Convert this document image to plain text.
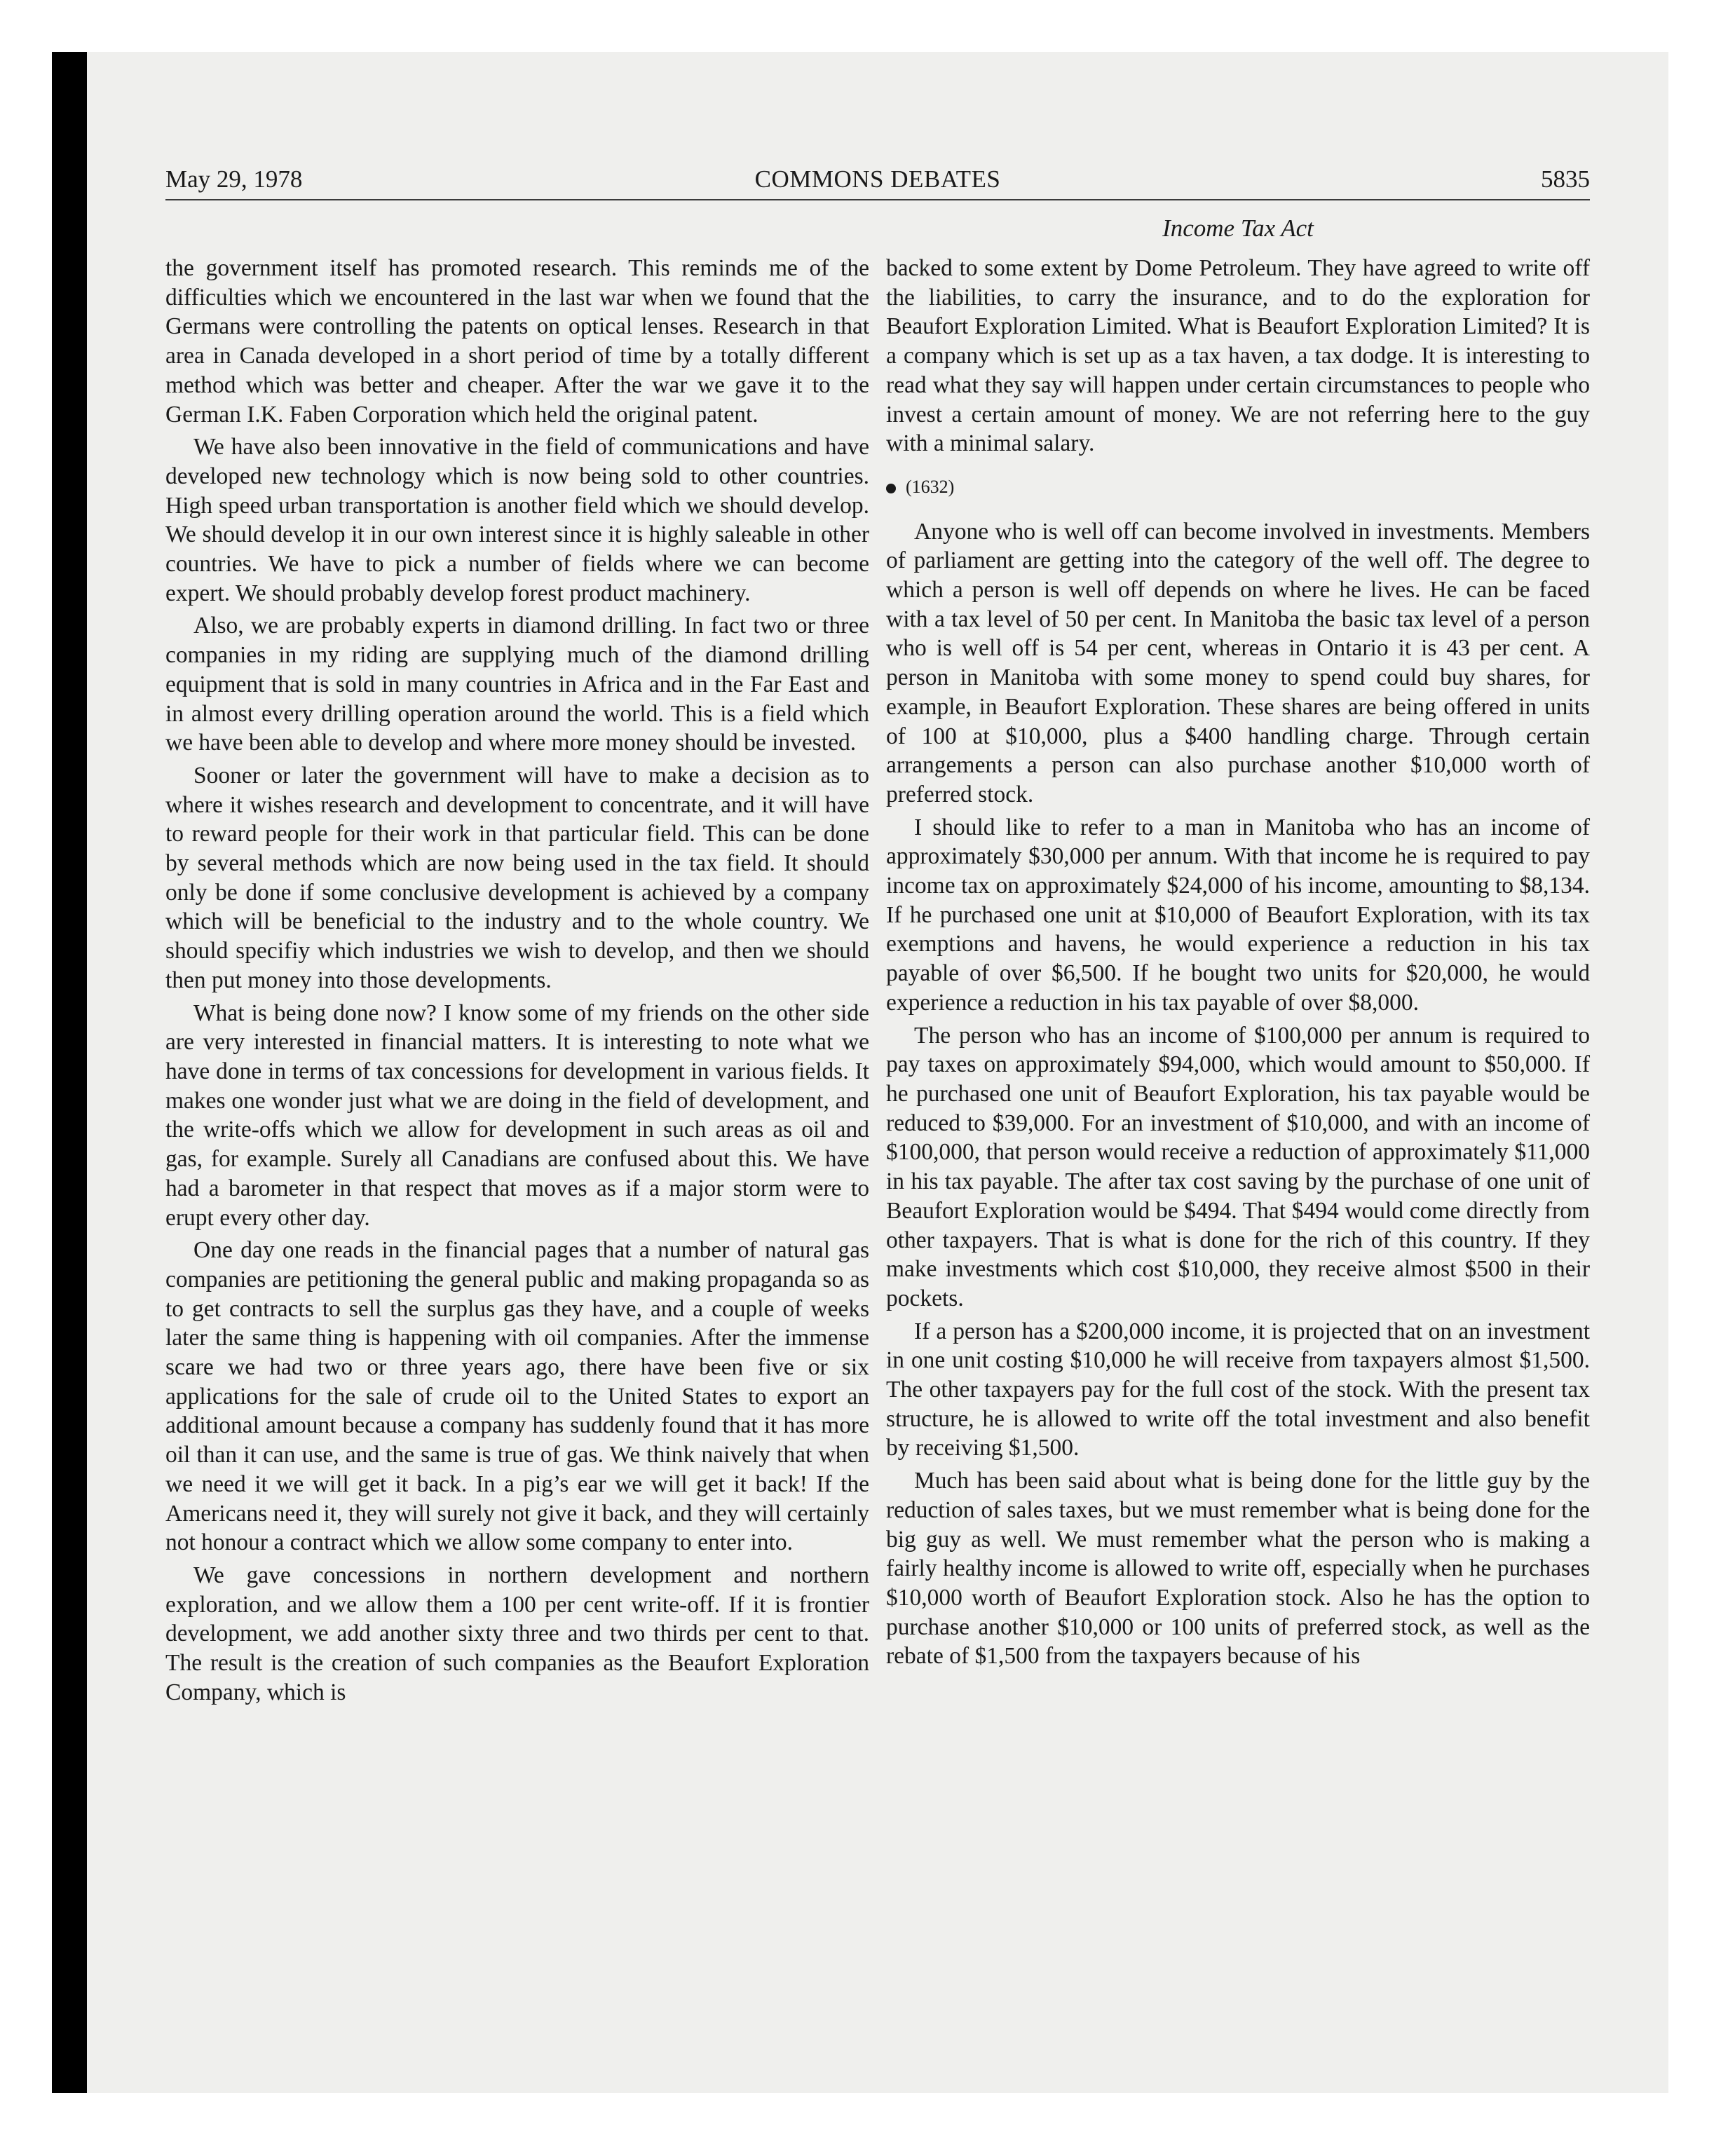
May 29, 1978	COMMONS DEBATES	5835
Income Tax Act

the government itself has promoted research. This reminds me of the difficulties which we encountered in the last war when we found that the Germans were controlling the patents on optical lenses. Research in that area in Canada developed in a short period of time by a totally different method which was better and cheaper. After the war we gave it to the German I.K. Faben Corporation which held the original patent.

We have also been innovative in the field of communications and have developed new technology which is now being sold to other countries. High speed urban transportation is another field which we should develop. We should develop it in our own interest since it is highly saleable in other countries. We have to pick a number of fields where we can become expert. We should probably develop forest product machinery.

Also, we are probably experts in diamond drilling. In fact two or three companies in my riding are supplying much of the diamond drilling equipment that is sold in many countries in Africa and in the Far East and in almost every drilling operation around the world. This is a field which we have been able to develop and where more money should be invested.

Sooner or later the government will have to make a decision as to where it wishes research and development to concentrate, and it will have to reward people for their work in that particular field. This can be done by several methods which are now being used in the tax field. It should only be done if some conclusive development is achieved by a company which will be beneficial to the industry and to the whole country. We should specifiy which industries we wish to develop, and then we should then put money into those developments.

What is being done now? I know some of my friends on the other side are very interested in financial matters. It is interesting to note what we have done in terms of tax concessions for development in various fields. It makes one wonder just what we are doing in the field of development, and the write-offs which we allow for development in such areas as oil and gas, for example. Surely all Canadians are confused about this. We have had a barometer in that respect that moves as if a major storm were to erupt every other day.

One day one reads in the financial pages that a number of natural gas companies are petitioning the general public and making propaganda so as to get contracts to sell the surplus gas they have, and a couple of weeks later the same thing is happening with oil companies. After the immense scare we had two or three years ago, there have been five or six applications for the sale of crude oil to the United States to export an additional amount because a company has suddenly found that it has more oil than it can use, and the same is true of gas. We think naively that when we need it we will get it back. In a pig’s ear we will get it back! If the Americans need it, they will surely not give it back, and they will certainly not honour a contract which we allow some company to enter into.

We gave concessions in northern development and northern exploration, and we allow them a 100 per cent write-off. If it is frontier development, we add another sixty three and two thirds per cent to that. The result is the creation of such companies as the Beaufort Exploration Company, which is

backed to some extent by Dome Petroleum. They have agreed to write off the liabilities, to carry the insurance, and to do the exploration for Beaufort Exploration Limited. What is Beaufort Exploration Limited? It is a company which is set up as a tax haven, a tax dodge. It is interesting to read what they say will happen under certain circumstances to people who invest a certain amount of money. We are not referring here to the guy with a minimal salary.

(1632)

Anyone who is well off can become involved in investments. Members of parliament are getting into the category of the well off. The degree to which a person is well off depends on where he lives. He can be faced with a tax level of 50 per cent. In Manitoba the basic tax level of a person who is well off is 54 per cent, whereas in Ontario it is 43 per cent. A person in Manitoba with some money to spend could buy shares, for example, in Beaufort Exploration. These shares are being offered in units of 100 at $10,000, plus a $400 handling charge. Through certain arrangements a person can also purchase another $10,000 worth of preferred stock.

I should like to refer to a man in Manitoba who has an income of approximately $30,000 per annum. With that income he is required to pay income tax on approximately $24,000 of his income, amounting to $8,134. If he purchased one unit at $10,000 of Beaufort Exploration, with its tax exemptions and havens, he would experience a reduction in his tax payable of over $6,500. If he bought two units for $20,000, he would experience a reduction in his tax payable of over $8,000.

The person who has an income of $100,000 per annum is required to pay taxes on approximately $94,000, which would amount to $50,000. If he purchased one unit of Beaufort Exploration, his tax payable would be reduced to $39,000. For an investment of $10,000, and with an income of $100,000, that person would receive a reduction of approximately $11,000 in his tax payable. The after tax cost saving by the purchase of one unit of Beaufort Exploration would be $494. That $494 would come directly from other taxpayers. That is what is done for the rich of this country. If they make investments which cost $10,000, they receive almost $500 in their pockets.

If a person has a $200,000 income, it is projected that on an investment in one unit costing $10,000 he will receive from taxpayers almost $1,500. The other taxpayers pay for the full cost of the stock. With the present tax structure, he is allowed to write off the total investment and also benefit by receiving $1,500.

Much has been said about what is being done for the little guy by the reduction of sales taxes, but we must remember what is being done for the big guy as well. We must remember what the person who is making a fairly healthy income is allowed to write off, especially when he purchases $10,000 worth of Beaufort Exploration stock. Also he has the option to purchase another $10,000 or 100 units of preferred stock, as well as the rebate of $1,500 from the taxpayers because of his
